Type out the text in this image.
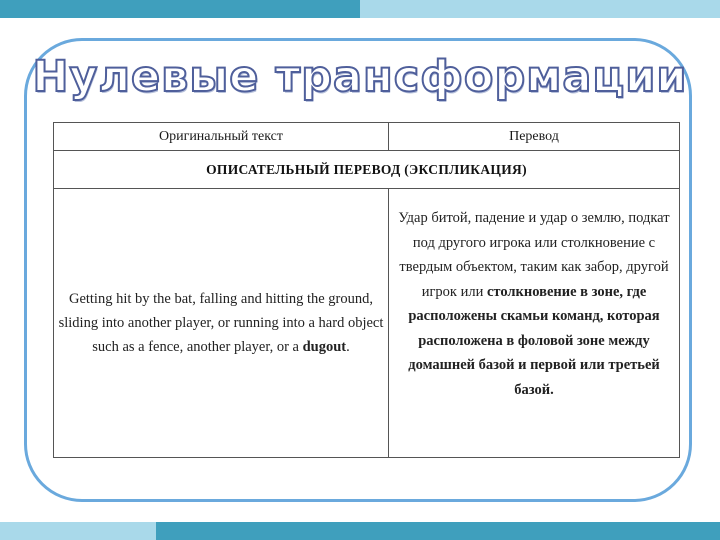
Нулевые трансформации
Оригинальный текст	Перевод
ОПИСАТЕЛЬНЫЙ ПЕРЕВОД (ЭКСПЛИКАЦИЯ)	

Getting hit by the bat, falling and hitting the ground, sliding into another player, or running into a hard object such as a fence, another player, or a dugout.	Удар битой, падение и удар о землю, подкат под другого игрока или столкновение с твердым объектом, таким как забор, другой игрок или столкновение в зоне, где расположены скамьи команд, которая расположена в фоловой зоне между домашней базой и первой или третьей базой.
